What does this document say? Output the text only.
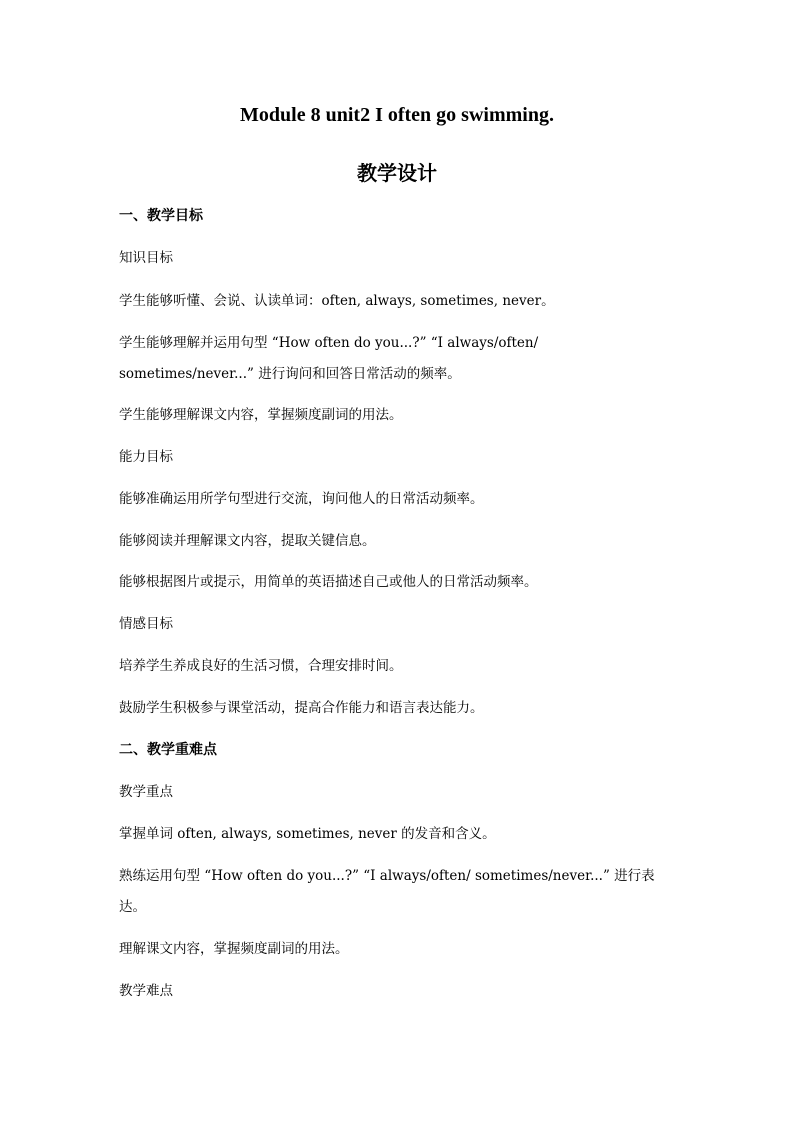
Module 8 unit2 I often go swimming.
教学设计
一、教学目标
知识目标
学生能够听懂、会说、认读单词：often, always, sometimes, never。
学生能够理解并运用句型 “How often do you...?” “I always/often/
sometimes/never...” 进行询问和回答日常活动的频率。
学生能够理解课文内容，掌握频度副词的用法。
能力目标
能够准确运用所学句型进行交流，询问他人的日常活动频率。
能够阅读并理解课文内容，提取关键信息。
能够根据图片或提示，用简单的英语描述自己或他人的日常活动频率。
情感目标
培养学生养成良好的生活习惯，合理安排时间。
鼓励学生积极参与课堂活动，提高合作能力和语言表达能力。
二、教学重难点
教学重点
掌握单词 often, always, sometimes, never 的发音和含义。
熟练运用句型 “How often do you...?” “I always/often/ sometimes/never...” 进行表
达。
理解课文内容，掌握频度副词的用法。
教学难点
